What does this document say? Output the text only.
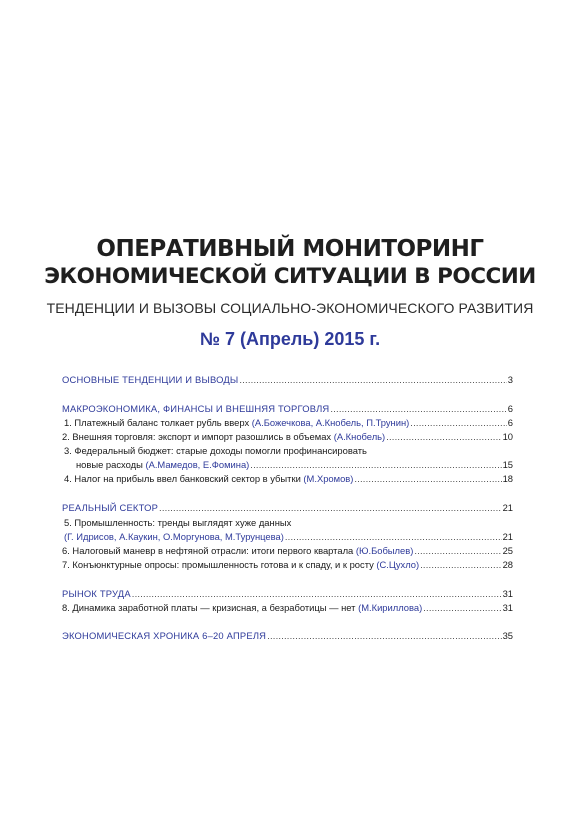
ОПЕРАТИВНЫЙ МОНИТОРИНГ
ЭКОНОМИЧЕСКОЙ СИТУАЦИИ В РОССИИ
ТЕНДЕНЦИИ И ВЫЗОВЫ СОЦИАЛЬНО-ЭКОНОМИЧЕСКОГО РАЗВИТИЯ
№ 7 (Апрель) 2015 г.
ОСНОВНЫЕ ТЕНДЕНЦИИ И ВЫВОДЫ .....	3
МАКРОЭКОНОМИКА, ФИНАНСЫ И ВНЕШНЯЯ ТОРГОВЛЯ .....	6
1. Платежный баланс толкает рубль вверх (А.Божечкова, А.Кнобель, П.Трунин) .....	6
2. Внешняя торговля: экспорт и импорт разошлись в объемах (А.Кнобель) .....	10
3. Федеральный бюджет: старые доходы помогли профинансировать
новые расходы (А.Мамедов, Е.Фомина) .....	15
4. Налог на прибыль ввел банковский сектор в убытки (М.Хромов) .....	18
РЕАЛЬНЫЙ СЕКТОР .....	21
5. Промышленность: тренды выглядят хуже данных
(Г. Идрисов, А.Каукин, О.Моргунова, М.Турунцева) .....	21
6. Налоговый маневр в нефтяной отрасли: итоги первого квартала (Ю.Бобылев) .....	25
7. Конъюнктурные опросы: промышленность готова и к спаду, и к росту (С.Цухло) .....	28
РЫНОК ТРУДА .....	31
8. Динамика заработной платы — кризисная, а безработицы — нет (М.Кириллова) .....	31
ЭКОНОМИЧЕСКАЯ ХРОНИКА 6–20 АПРЕЛЯ .....	35
